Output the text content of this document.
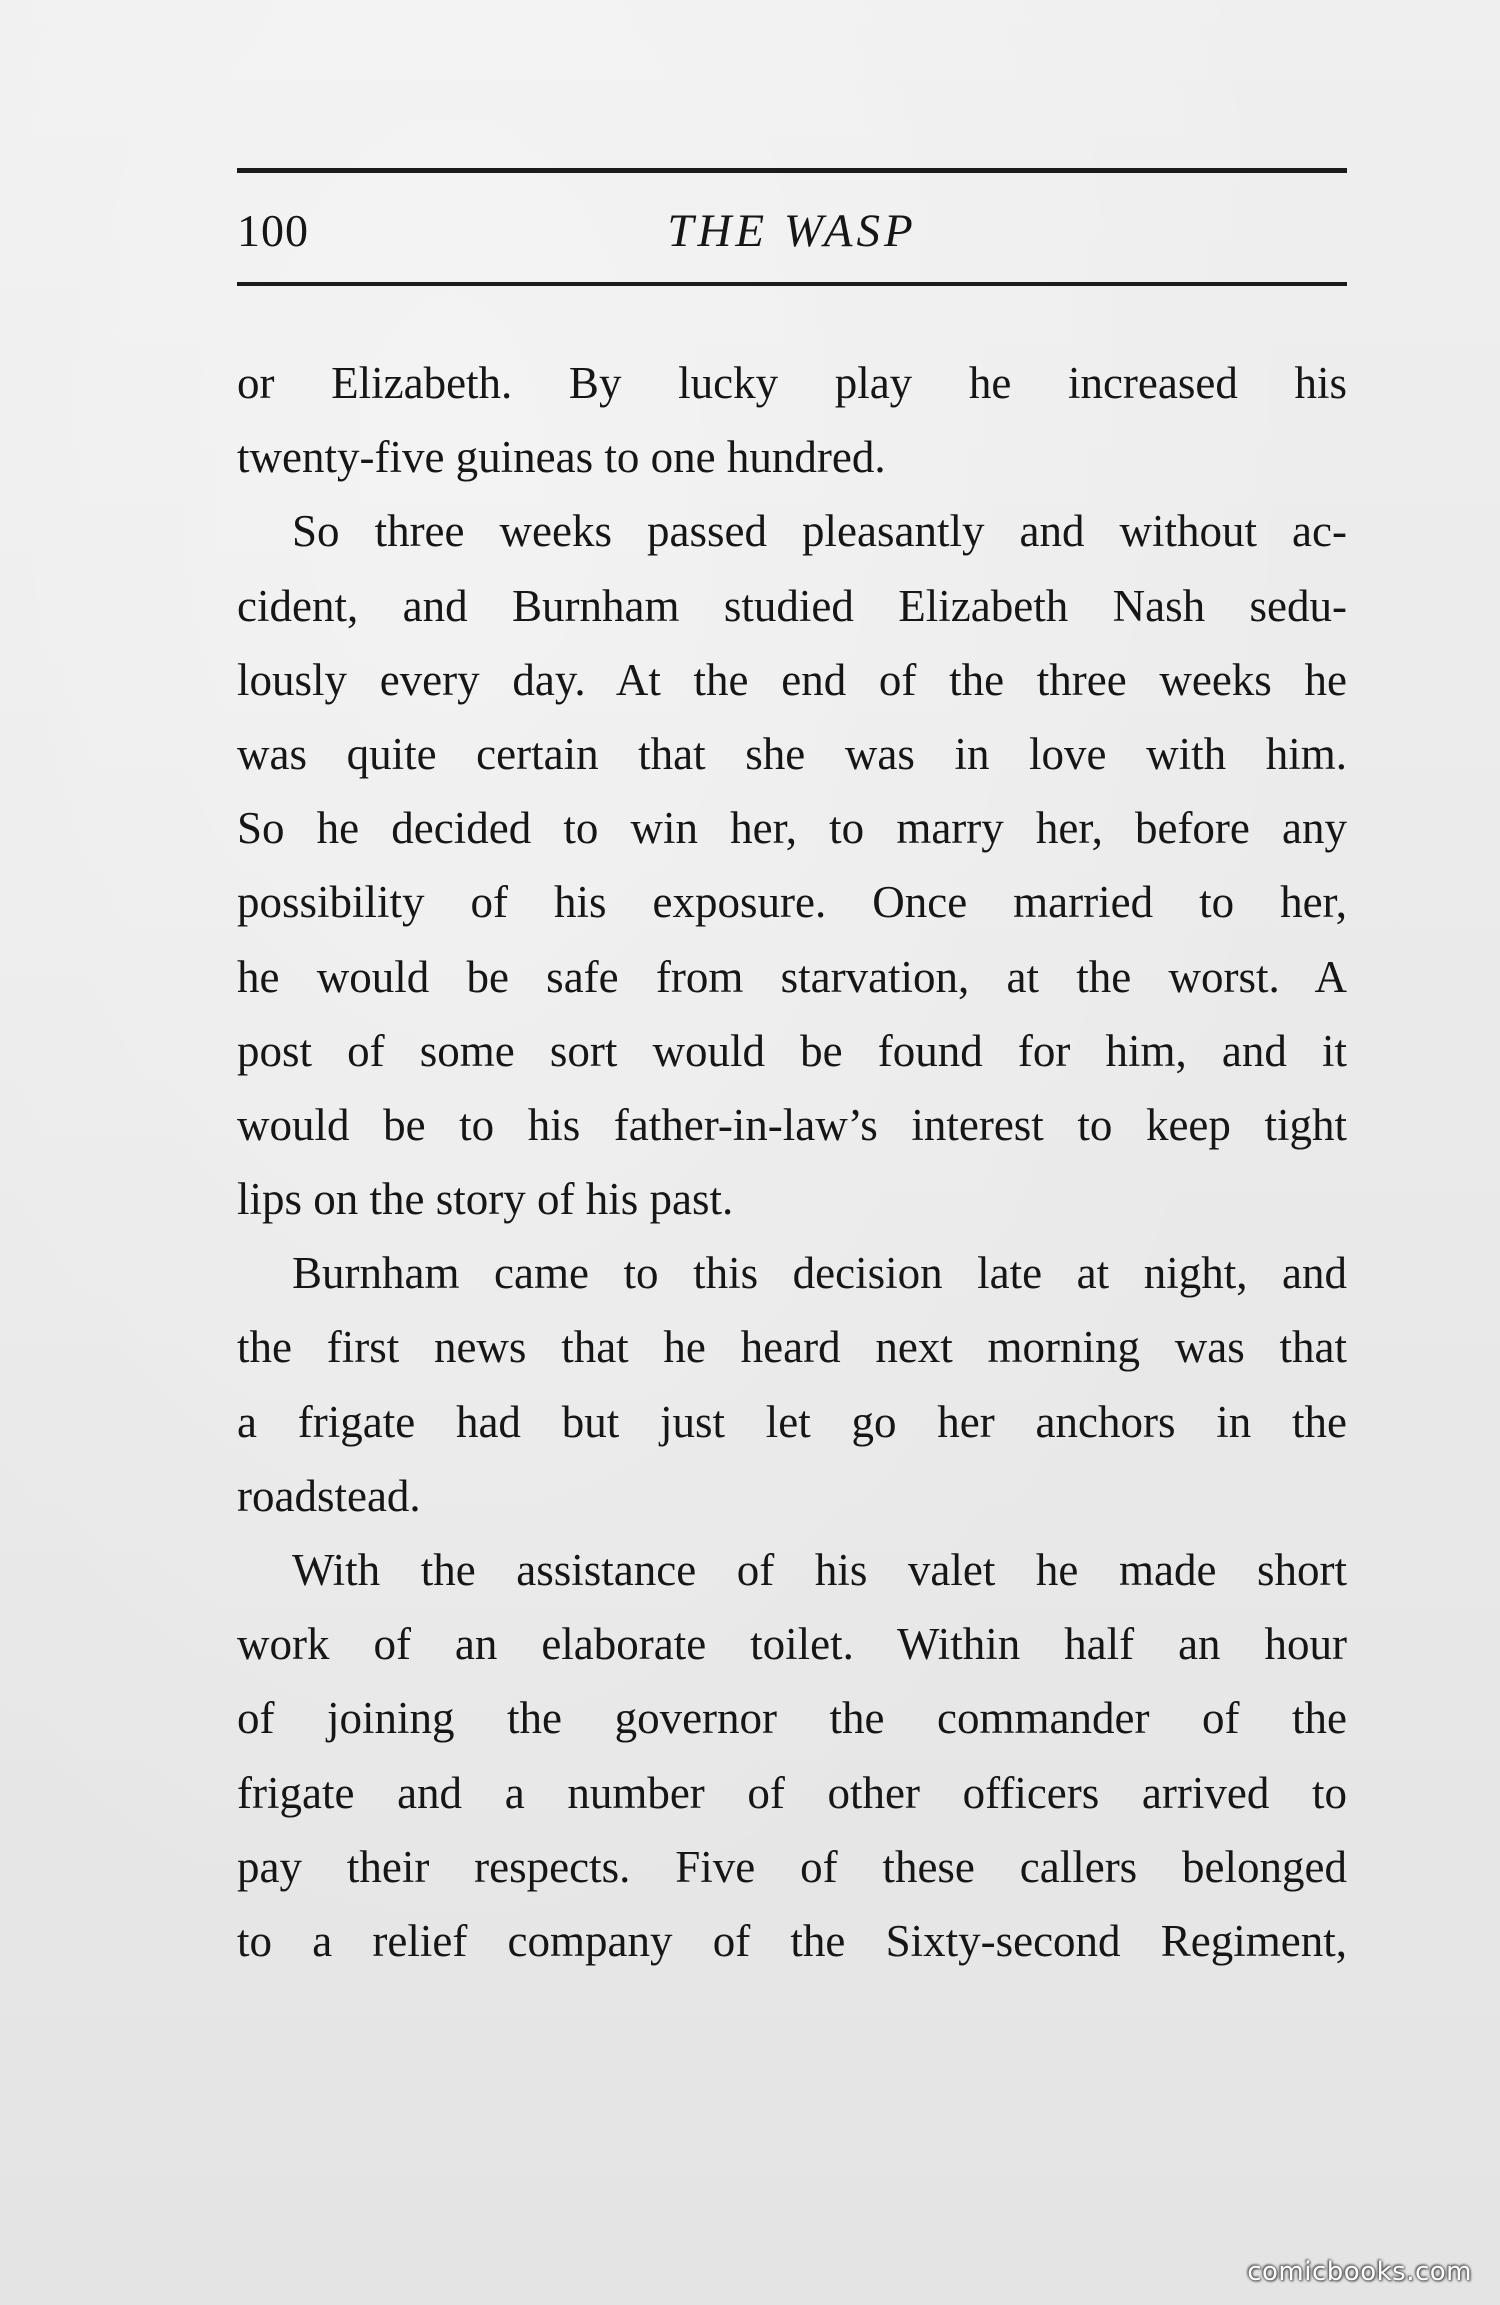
100	THE WASP
or Elizabeth. By lucky play he increased his
twenty-five guineas to one hundred.
So three weeks passed pleasantly and without ac-
cident, and Burnham studied Elizabeth Nash sedu-
lously every day. At the end of the three weeks he
was quite certain that she was in love with him.
So he decided to win her, to marry her, before any
possibility of his exposure. Once married to her,
he would be safe from starvation, at the worst. A
post of some sort would be found for him, and it
would be to his father-in-law’s interest to keep tight
lips on the story of his past.
Burnham came to this decision late at night, and
the first news that he heard next morning was that
a frigate had but just let go her anchors in the
roadstead.
With the assistance of his valet he made short
work of an elaborate toilet. Within half an hour
of joining the governor the commander of the
frigate and a number of other officers arrived to
pay their respects. Five of these callers belonged
to a relief company of the Sixty-second Regiment,
comicbooks.com
